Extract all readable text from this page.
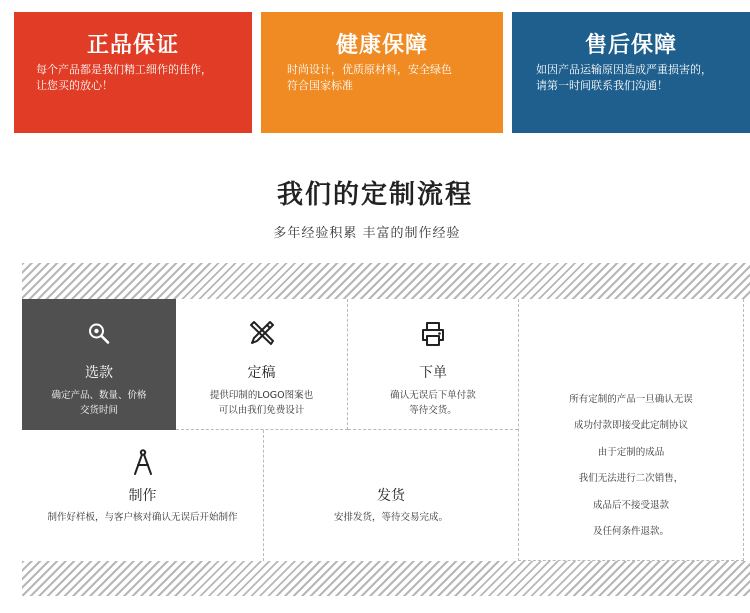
正品保证
每个产品都是我们精工细作的佳作，
让您买的放心！
健康保障
时尚设计，优质原材料，安全绿色
符合国家标准
售后保障
如因产品运输原因造成严重损害的，
请第一时间联系我们沟通！
我们的定制流程
多年经验积累 丰富的制作经验
选款
确定产品、数量、价格
交货时间
定稿
提供印制的LOGO图案也
可以由我们免费设计
下单
确认无误后下单付款
等待交货。
制作
制作好样板，与客户核对确认无误后开始制作
发货
安排发货，等待交易完成。
所有定制的产品一旦确认无误
成功付款即接受此定制协议
由于定制的成品
我们无法进行二次销售，
成品后不接受退款
及任何条件退款。
